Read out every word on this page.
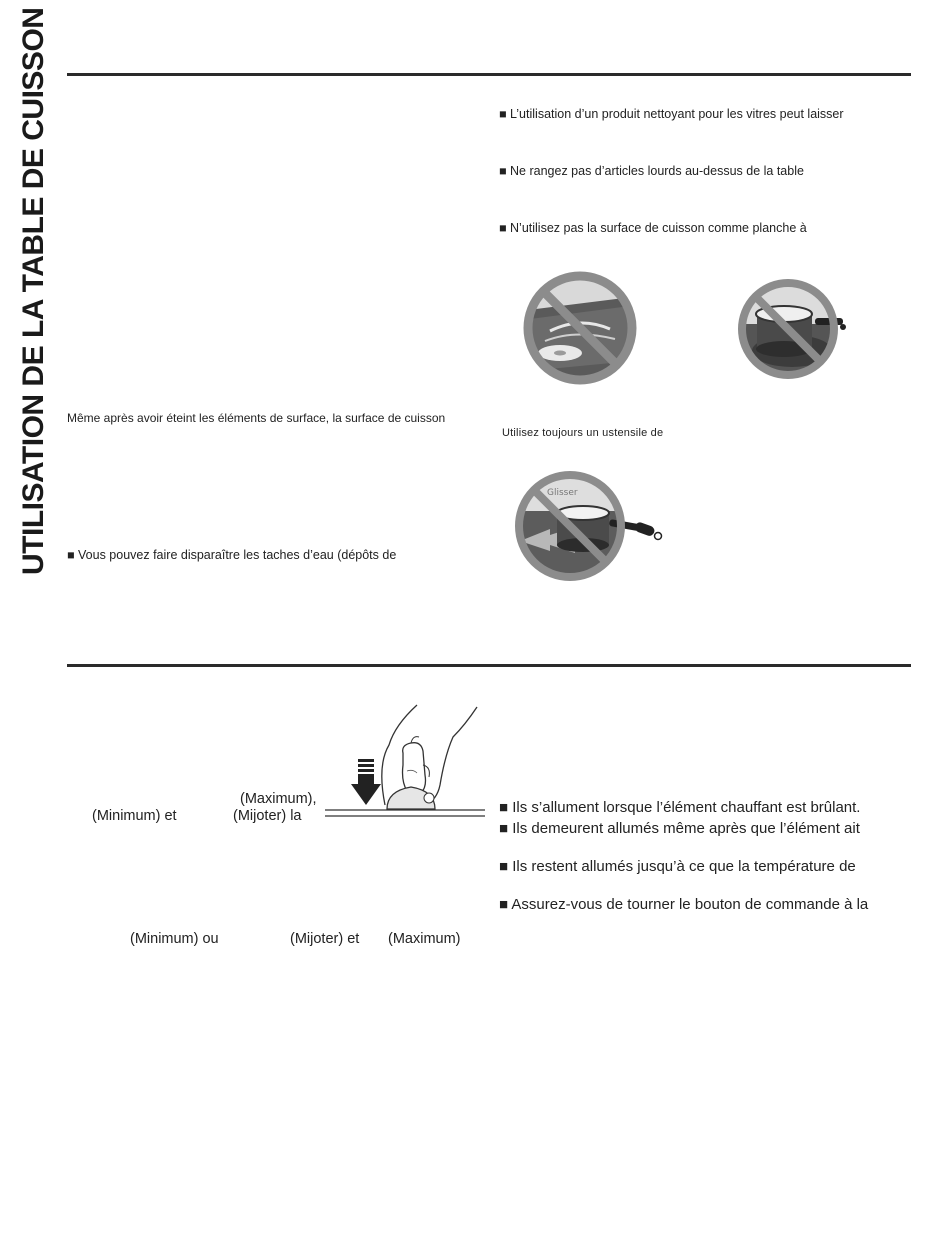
UTILISATION DE LA TABLE DE CUISSON	■ L’utilisation d’un produit nettoyant pour les vitres peut laisser
■ Ne rangez pas d’articles lourds au-dessus de la table
■ N’utilisez pas la surface de cuisson comme planche à
Même après avoir éteint les éléments de surface, la surface de cuisson
Utilisez toujours un ustensile de
Glisser
■ Vous pouvez faire disparaître les taches d’eau (dépôts de
(Maximum),
(Minimum) et	(Mijoter) la
(Minimum) ou	(Mijoter) et (Maximum)
■ Ils s’allument lorsque l’élément chauffant est brûlant.
■ Ils demeurent allumés même après que l’élément ait
■ Ils restent allumés jusqu’à ce que la température de
■ Assurez-vous de tourner le bouton de commande à la
